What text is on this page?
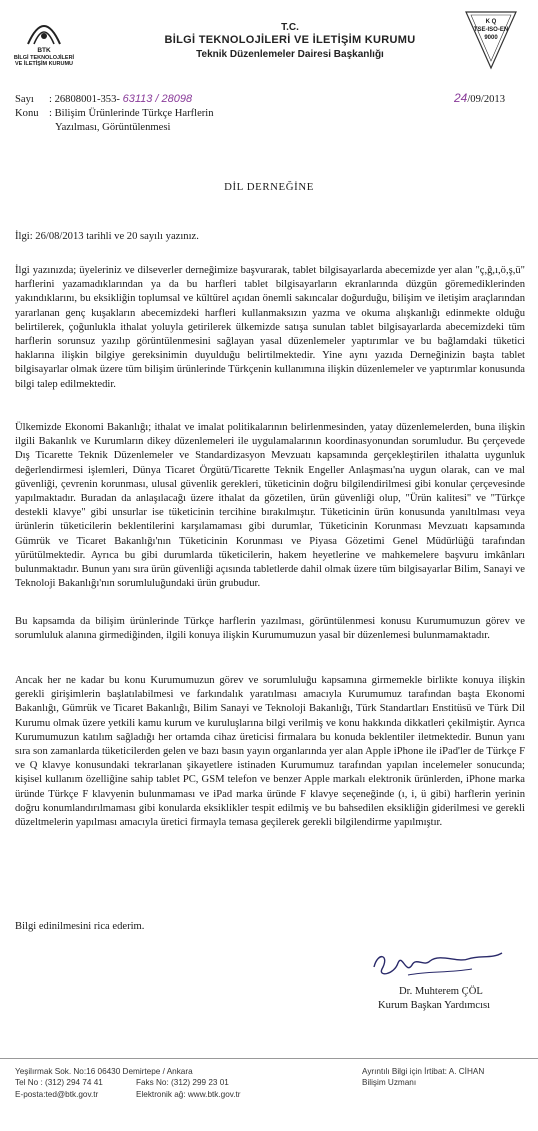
BTK
BİLGİ TEKNOLOJİLERİ
VE İLETİŞİM KURUMU
T.C.
BİLGİ TEKNOLOJİLERİ VE İLETİŞİM KURUMU
Teknik Düzenlemeler Dairesi Başkanlığı
K Q
TSE-ISO-EN
9000
Sayı : 26808001-353- 63113 / 28098	24/09/2013
Konu : Bilişim Ürünlerinde Türkçe Harflerin
Yazılması, Görüntülenmesi
DİL DERNEĞİNE

İlgi: 26/08/2013 tarihli ve 20 sayılı yazınız.

İlgi yazınızda; üyeleriniz ve dilseverler derneğimize başvurarak, tablet bilgisayarlarda abecemizde yer alan "ç,ğ,ı,ö,ş,ü" harflerini yazamadıklarından ya da bu harfleri tablet bilgisayarların ekranlarında düzgün göremediklerinden yakındıklarını, bu eksikliğin toplumsal ve kültürel açıdan önemli sakıncalar doğurduğu, bilişim ve iletişim araçlarından yararlanan genç kuşakların abecemizdeki harfleri kullanmaksızın yazma ve okuma alışkanlığı edinmekte olduğu belirtilerek, çoğunlukla ithalat yoluyla getirilerek ülkemizde satışa sunulan tablet bilgisayarlarda abecemizdeki tüm harflerin sorunsuz yazılıp görüntülenmesini sağlayan yasal düzenlemeler yaptırımlar ve bu bağlamdaki tüketici haklarına ilişkin bilgiye gereksinimin duyulduğu belirtilmektedir. Yine aynı yazıda Derneğinizin başta tablet bilgisayarlar olmak üzere tüm bilişim ürünlerinde Türkçenin kullanımına ilişkin düzenlemeler ve yaptırımlar konusunda bilgi talep edilmektedir.

Ülkemizde Ekonomi Bakanlığı; ithalat ve imalat politikalarının belirlenmesinden, yatay düzenlemelerden, buna ilişkin ilgili Bakanlık ve Kurumların dikey düzenlemeleri ile uygulamalarının koordinasyonundan sorumludur. Bu çerçevede Dış Ticarette Teknik Düzenlemeler ve Standardizasyon Mevzuatı kapsamında gerçekleştirilen ithalatta uygunluk değerlendirmesi işlemleri, Dünya Ticaret Örgütü/Ticarette Teknik Engeller Anlaşması'na uygun olarak, can ve mal güvenliği, çevrenin korunması, ulusal güvenlik gerekleri, tüketicinin doğru bilgilendirilmesi gibi konular çerçevesinde yapılmaktadır. Buradan da anlaşılacağı üzere ithalat da gözetilen, ürün güvenliği olup, "Ürün kalitesi" ve "Türkçe destekli klavye" gibi unsurlar ise tüketicinin tercihine bırakılmıştır. Tüketicinin ürün konusunda yanıltılması veya ürünlerin tüketicilerin beklentilerini karşılamaması gibi durumlar, Tüketicinin Korunması Mevzuatı kapsamında Gümrük ve Ticaret Bakanlığı'nın Tüketicinin Korunması ve Piyasa Gözetimi Genel Müdürlüğü tarafından yürütülmektedir. Ayrıca bu gibi durumlarda tüketicilerin, hakem heyetlerine ve mahkemelere başvuru imkânları bulunmaktadır. Bunun yanı sıra ürün güvenliği açısında tabletlerde dahil olmak üzere tüm bilgisayarlar Bilim, Sanayi ve Teknoloji Bakanlığı'nın sorumluluğundaki ürün grubudur.

Bu kapsamda da bilişim ürünlerinde Türkçe harflerin yazılması, görüntülenmesi konusu Kurumumuzun görev ve sorumluluk alanına girmediğinden, ilgili konuya ilişkin Kurumumuzun yasal bir düzenlemesi bulunmamaktadır.

Ancak her ne kadar bu konu Kurumumuzun görev ve sorumluluğu kapsamına girmemekle birlikte konuya ilişkin gerekli girişimlerin başlatılabilmesi ve farkındalık yaratılması amacıyla Kurumumuz tarafından başta Ekonomi Bakanlığı, Gümrük ve Ticaret Bakanlığı, Bilim Sanayi ve Teknoloji Bakanlığı, Türk Standartları Enstitüsü ve Türk Dil Kurumu olmak üzere yetkili kamu kurum ve kuruluşlarına bilgi verilmiş ve konu hakkında dikkatleri çekilmiştir. Ayrıca Kurumumuzun katılım sağladığı her ortamda cihaz üreticisi firmalara bu konuda beklentiler iletmektedir. Bunun yanı sıra son zamanlarda tüketicilerden gelen ve bazı basın yayın organlarında yer alan Apple iPhone ile iPad'ler de Türkçe F ve Q klavye konusundaki tekrarlanan şikayetlere istinaden Kurumumuz tarafından yapılan incelemeler sonucunda; kişisel kullanım özelliğine sahip tablet PC, GSM telefon ve benzer Apple markalı elektronik ürünlerden, iPhone marka üründe Türkçe F klavyenin bulunmaması ve iPad marka üründe F klavye seçeneğinde (ı, i, ü gibi) harflerin yerinin doğru konumlandırılmaması gibi konularda eksiklikler tespit edilmiş ve bu bahsedilen eksikliğin giderilmesi ve gerekli düzeltmelerin yapılması amacıyla üretici firmayla temasa geçilerek gerekli bilgilendirme yapılmıştır.

Bilgi edinilmesini rica ederim.

Dr. Muhterem ÇÖL
Kurum Başkan Yardımcısı
Yeşilırmak Sok. No:16 06430 Demirtepe / Ankara
Tel No : (312) 294 74 41	Faks No: (312) 299 23 01
E-posta:ted@btk.gov.tr	Elektronik ağ: www.btk.gov.tr
Ayrıntılı Bilgi için İrtibat: A. CİHAN
Bilişim Uzmanı
